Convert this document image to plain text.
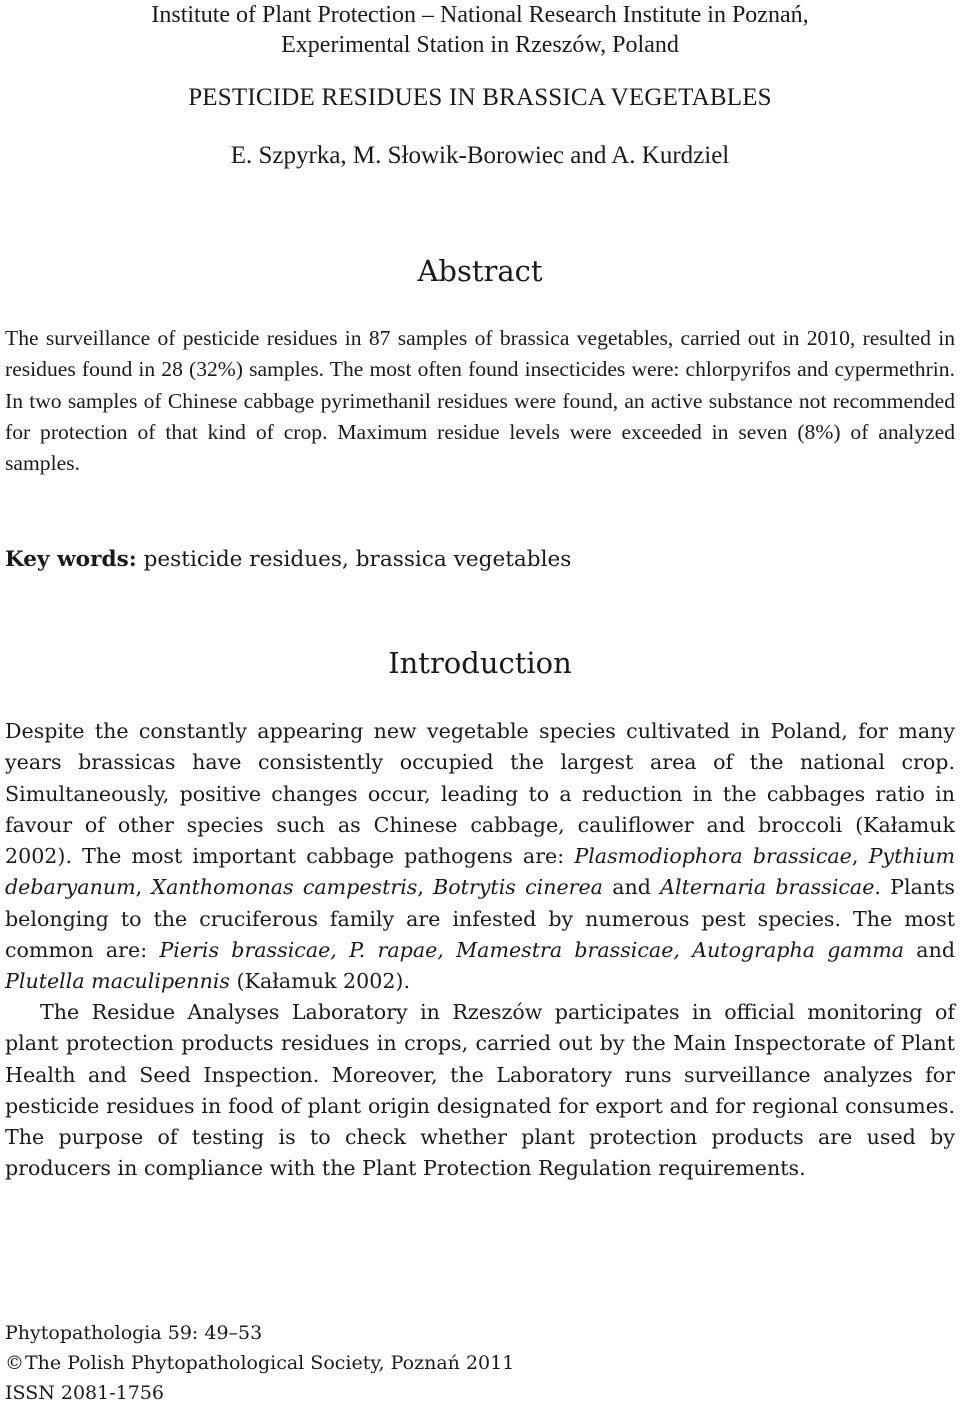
Institute of Plant Protection – National Research Institute in Poznań,
Experimental Station in Rzeszów, Poland
PESTICIDE RESIDUES IN BRASSICA VEGETABLES
E. Szpyrka, M. Słowik-Borowiec and A. Kurdziel
Abstract

The surveillance of pesticide residues in 87 samples of brassica vegetables, carried out in 2010, resulted in residues found in 28 (32%) samples. The most often found insecticides were: chlorpyrifos and cypermethrin. In two samples of Chinese cabbage pyrimethanil residues were found, an active substance not recommended for protection of that kind of crop. Maximum residue levels were exceeded in seven (8%) of analyzed samples.

Key words: pesticide residues, brassica vegetables

Introduction

Despite the constantly appearing new vegetable species cultivated in Poland, for many years brassicas have consistently occupied the largest area of the national crop. Simultaneously, positive changes occur, leading to a reduction in the cabbages ratio in favour of other species such as Chinese cabbage, cauliflower and broccoli (Kałamuk 2002). The most important cabbage pathogens are: Plasmodiophora brassicae, Pythium debaryanum, Xanthomonas campestris, Botrytis cinerea and Alternaria brassicae. Plants belonging to the cruciferous family are infested by numerous pest species. The most common are: Pieris brassicae, P. rapae, Mamestra brassicae, Autographa gamma and Plutella maculipennis (Kałamuk 2002).

The Residue Analyses Laboratory in Rzeszów participates in official monitoring of plant protection products residues in crops, carried out by the Main Inspectorate of Plant Health and Seed Inspection. Moreover, the Laboratory runs surveillance analyzes for pesticide residues in food of plant origin designated for export and for regional consumes. The purpose of testing is to check whether plant protection products are used by producers in compliance with the Plant Protection Regulation requirements.

Phytopathologia 59: 49–53
©The Polish Phytopathological Society, Poznań 2011
ISSN 2081-1756
